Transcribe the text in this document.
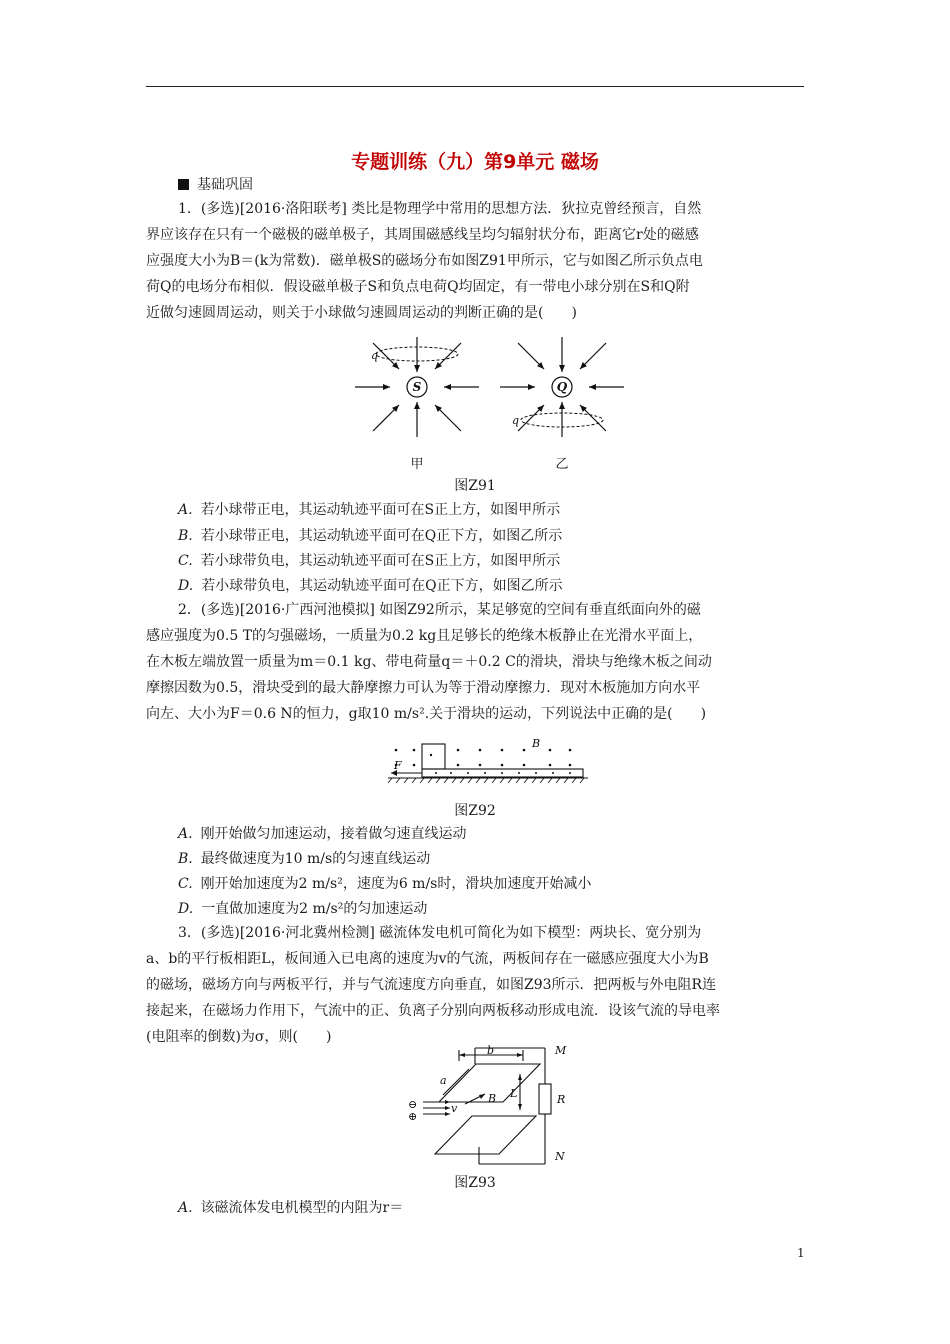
专题训练（九）第9单元 磁场
基础巩固
1．(多选)[2016·洛阳联考] 类比是物理学中常用的思想方法．狄拉克曾经预言，自然
界应该存在只有一个磁极的磁单极子，其周围磁感线呈均匀辐射状分布，距离它r处的磁感
应强度大小为B＝(k为常数)．磁单极S的磁场分布如图Z91甲所示，它与如图乙所示负点电
荷Q的电场分布相似．假设磁单极子S和负点电荷Q均固定，有一带电小球分别在S和Q附
近做匀速圆周运动，则关于小球做匀速圆周运动的判断正确的是(　　)
S
q
Q
q
甲	乙
图Z91
A. 若小球带正电，其运动轨迹平面可在S正上方，如图甲所示
B. 若小球带正电，其运动轨迹平面可在Q正下方，如图乙所示
C. 若小球带负电，其运动轨迹平面可在S正上方，如图甲所示
D. 若小球带负电，其运动轨迹平面可在Q正下方，如图乙所示
2．(多选)[2016·广西河池模拟] 如图Z92所示，某足够宽的空间有垂直纸面向外的磁
感应强度为0.5 T的匀强磁场，一质量为0.2 kg且足够长的绝缘木板静止在光滑水平面上，
在木板左端放置一质量为m＝0.1 kg、带电荷量q＝＋0.2 C的滑块，滑块与绝缘木板之间动
摩擦因数为0.5，滑块受到的最大静摩擦力可认为等于滑动摩擦力．现对木板施加方向水平
向左、大小为F＝0.6 N的恒力，g取10 m/s².关于滑块的运动，下列说法中正确的是(　　)
B
F
图Z92
A. 刚开始做匀加速运动，接着做匀速直线运动
B. 最终做速度为10 m/s的匀速直线运动
C. 刚开始加速度为2 m/s²，速度为6 m/s时，滑块加速度开始减小
D. 一直做加速度为2 m/s²的匀加速运动
3．(多选)[2016·河北冀州检测] 磁流体发电机可简化为如下模型：两块长、宽分别为
a、b的平行板相距L，板间通入已电离的速度为v的气流，两板间存在一磁感应强度大小为B
的磁场，磁场方向与两板平行，并与气流速度方向垂直，如图Z93所示．把两板与外电阻R连
接起来，在磁场力作用下，气流中的正、负离子分别向两板移动形成电流．设该气流的导电率
(电阻率的倒数)为σ，则(　　)
b
a
L
v
B	R
M
N
⊖
⊕
图Z93
A. 该磁流体发电机模型的内阻为r＝
1
